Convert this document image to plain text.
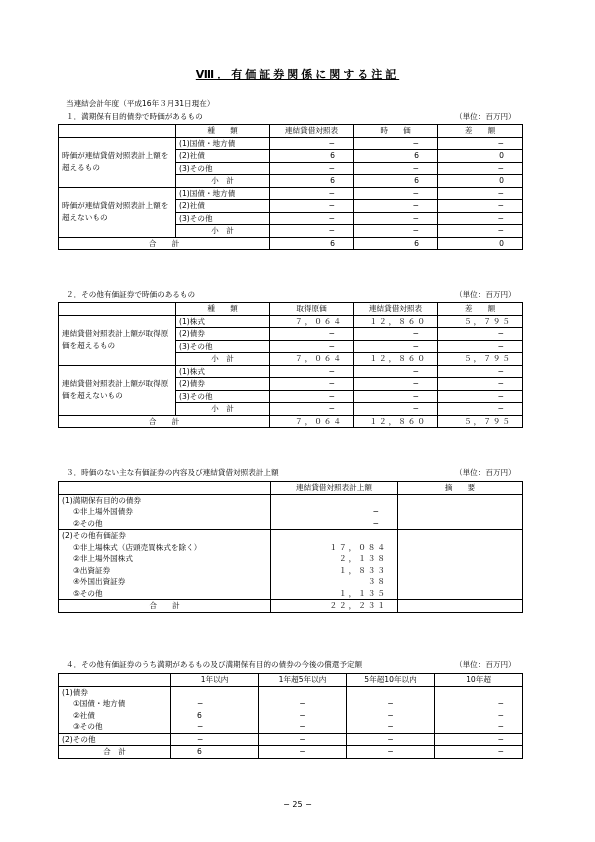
Ⅷ．有価証券関係に関する注記
当連結会計年度（平成16年３月31日現在）
１．満期保有目的債券で時価があるもの	（単位：百万円）
	種　　類	連結貸借対照表	時　　価	差　　額
時価が連結貸借対照表計上額を超えるもの	(1)国債・地方債	−	−	−
	(2)社債	6	6	0
	(3)その他	−	−	−
	小　計	6	6	0
時価が連結貸借対照表計上額を超えないもの	(1)国債・地方債	−	−	−
	(2)社債	−	−	−
	(3)その他	−	−	−
	小　計	−	−	−
合　　計		6	6	0
２．その他有価証券で時価のあるもの	（単位：百万円）
	種　　類	取得原価	連結貸借対照表	差　　額
連結貸借対照表計上額が取得原価を超えるもの	(1)株式	７，０６４	１２，８６０	５，７９５
	(2)債券	−	−	−
	(3)その他	−	−	−
	小　計	７，０６４	１２，８６０	５，７９５
連結貸借対照表計上額が取得原価を超えないもの	(1)株式	−	−	−
	(2)債券	−	−	−
	(3)その他	−	−	−
	小　計	−	−	−
合　　計		７，０６４	１２，８６０	５，７９５
３．時価のない主な有価証券の内容及び連結貸借対照表計上額	（単位：百万円）
	連結貸借対照表計上額	摘　　要
(1)満期保有目的の債券		
①非上場外国債券	−	
②その他	−	
(2)その他有価証券		
①非上場株式（店頭売買株式を除く）	１７，０８４	
②非上場外国株式	２，１３８	
③出資証券	１，８３３	
④外国出資証券	３８	
⑤その他	１，１３５	
合　　計	２２，２３１	
４．その他有価証券のうち満期があるもの及び満期保有目的の債券の今後の償還予定額	（単位：百万円）
	1年以内	1年超5年以内	5年超10年以内	10年超
(1)債券				
①国債・地方債	−	−	−	−
②社債	6	−	−	−
③その他	−	−	−	−
(2)その他	−	−	−	−
合　計	6	−	−	−
− 25 −
